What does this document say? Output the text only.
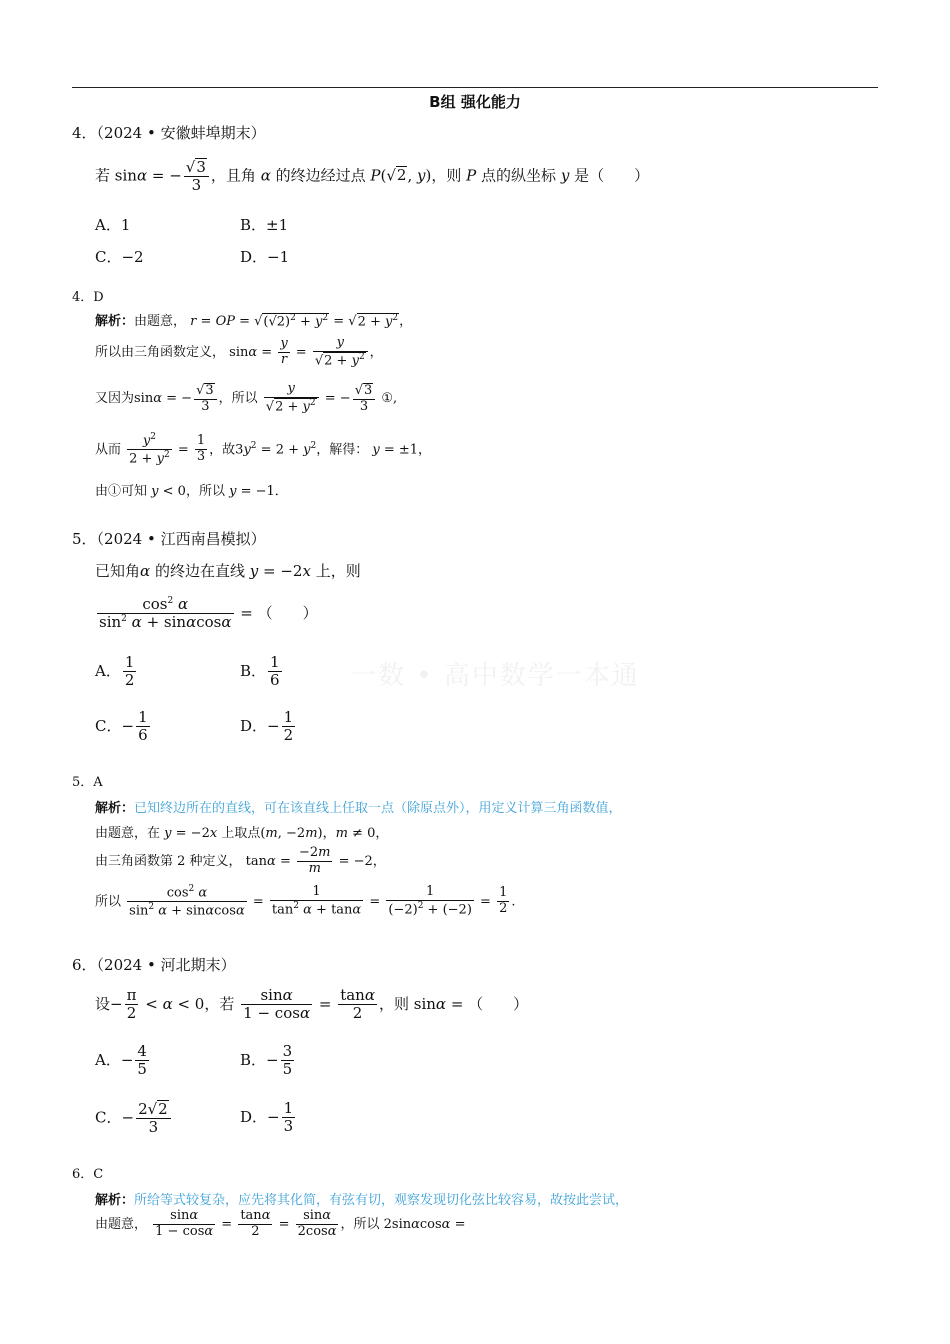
B组 强化能力
一数 • 高中数学一本通
4．（2024 • 安徽蚌埠期末）
若 sinα = − $\frac{√3}{3}$ ，且角 α 的终边经过点 P(√2, y)，则 P 点的纵坐标 y 是（　　）
A．1	B．±1
C．−2	D．−1
4．D
解析：由题意， r = OP = $√(√2)^2 + y^2 = √2 + y^2$，
所以由三角函数定义， $\sin\alpha = \frac{y}{r} = \frac{y}{√2 + y^2}$ ，
又因为sinα = − $\frac{√3}{3}$ ，所以 $\frac{y}{√2 + y^2}$ = − $\frac{√3}{3}$ ①,
从而 $\frac{y^2}{2 + y^2} = \frac{1}{3}$ ，故$3y^2 = 2 + y^2$，解得： y = ±1，
由①可知 y < 0，所以 y = −1．
5．（2024 • 江西南昌模拟）
已知角α 的终边在直线 y = −2x 上，则
$\frac{\cos^2 \alpha}{\sin^2 \alpha + \sin\alpha\cos\alpha}$ = （　　）
A． $\frac{1}{2}$	B． $\frac{1}{6}$
C．− $\frac{1}{6}$	D．− $\frac{1}{2}$
5．A
解析：已知终边所在的直线，可在该直线上任取一点（除原点外），用定义计算三角函数值，
由题意，在 y = −2x 上取点(m, −2m)，m ≠ 0，
由三角函数第 2 种定义， $\tan\alpha = \frac{-2m}{m} = -2$，
所以 $\frac{\cos^2 \alpha}{\sin^2 \alpha + \sin\alpha\cos\alpha} = \frac{1}{\tan^2 \alpha + \tan\alpha} = \frac{1}{(-2)^2 + (-2)} = \frac{1}{2}$ .
6．（2024 • 河北期末）
设− $\frac{\pi}{2} < \alpha < 0$，若 $\frac{\sin\alpha}{1 - \cos\alpha} = \frac{\tan\alpha}{2}$ ，则 sinα = （　　）
A．− $\frac{4}{5}$	B．− $\frac{3}{5}$
C．− $\frac{2√2}{3}$	D．− $\frac{1}{3}$
6．C
解析：所给等式较复杂，应先将其化简，有弦有切，观察发现切化弦比较容易，故按此尝试，
由题意， $\frac{\sin\alpha}{1 - \cos\alpha} = \frac{\tan\alpha}{2} = \frac{\sin\alpha}{2\cos\alpha}$ ，所以 2sinαcosα =
